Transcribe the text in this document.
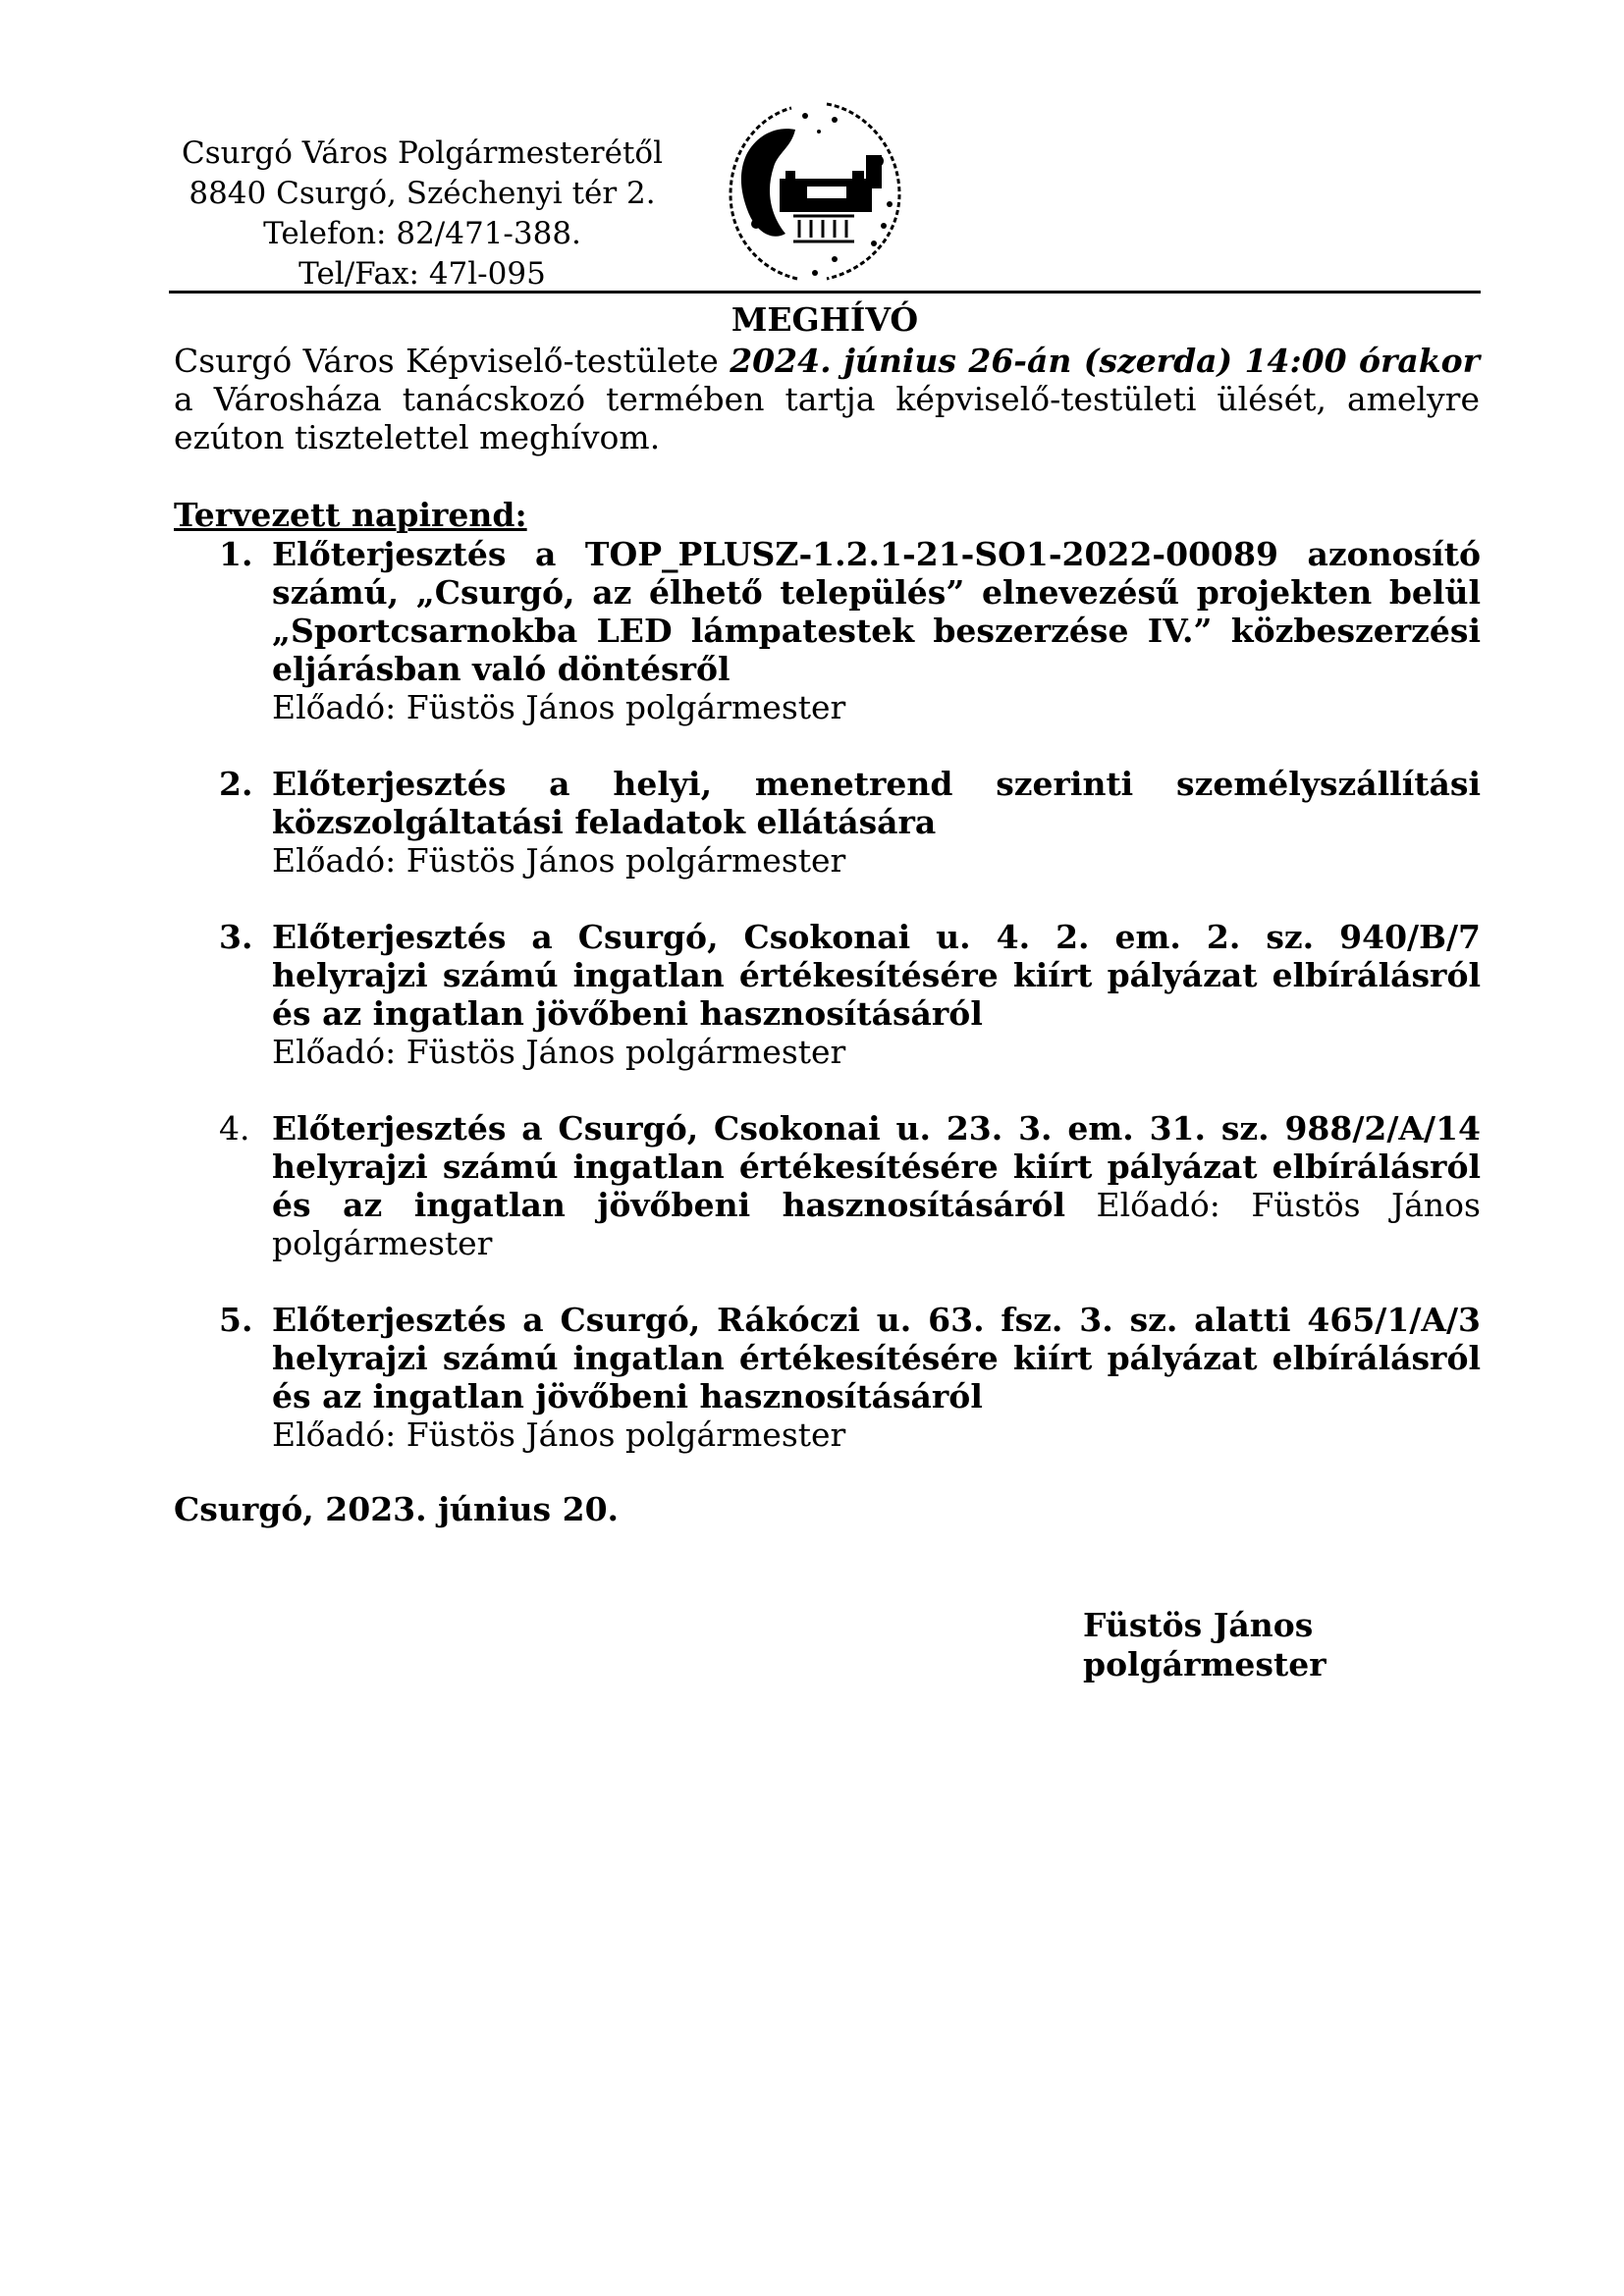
Csurgó Város Polgármesterétől
8840 Csurgó, Széchenyi tér 2.
Telefon: 82/471-388.
Tel/Fax: 47l-095
MEGHÍVÓ
Csurgó Város Képviselő-testülete 2024. június 26-án (szerda) 14:00 órakor a Városháza tanácskozó termében tartja képviselő-testületi ülését, amelyre ezúton tisztelettel meghívom.
Tervezett napirend:
1. Előterjesztés a TOP_PLUSZ-1.2.1-21-SO1-2022-00089 azonosító számú, „Csurgó, az élhető település” elnevezésű projekten belül „Sportcsarnokba LED lámpatestek beszerzése IV.” közbeszerzési eljárásban való döntésről
Előadó: Füstös János polgármester
2. Előterjesztés a helyi, menetrend szerinti személyszállítási közszolgáltatási feladatok ellátására
Előadó: Füstös János polgármester
3. Előterjesztés a Csurgó, Csokonai u. 4. 2. em. 2. sz. 940/B/7 helyrajzi számú ingatlan értékesítésére kiírt pályázat elbírálásról és az ingatlan jövőbeni hasznosításáról
Előadó: Füstös János polgármester
4. Előterjesztés a Csurgó, Csokonai u. 23. 3. em. 31. sz. 988/2/A/14 helyrajzi számú ingatlan értékesítésére kiírt pályázat elbírálásról és az ingatlan jövőbeni hasznosításáról Előadó: Füstös János polgármester
5. Előterjesztés a Csurgó, Rákóczi u. 63. fsz. 3. sz. alatti 465/1/A/3 helyrajzi számú ingatlan értékesítésére kiírt pályázat elbírálásról és az ingatlan jövőbeni hasznosításáról
Előadó: Füstös János polgármester
Csurgó, 2023. június 20.
Füstös János
polgármester
